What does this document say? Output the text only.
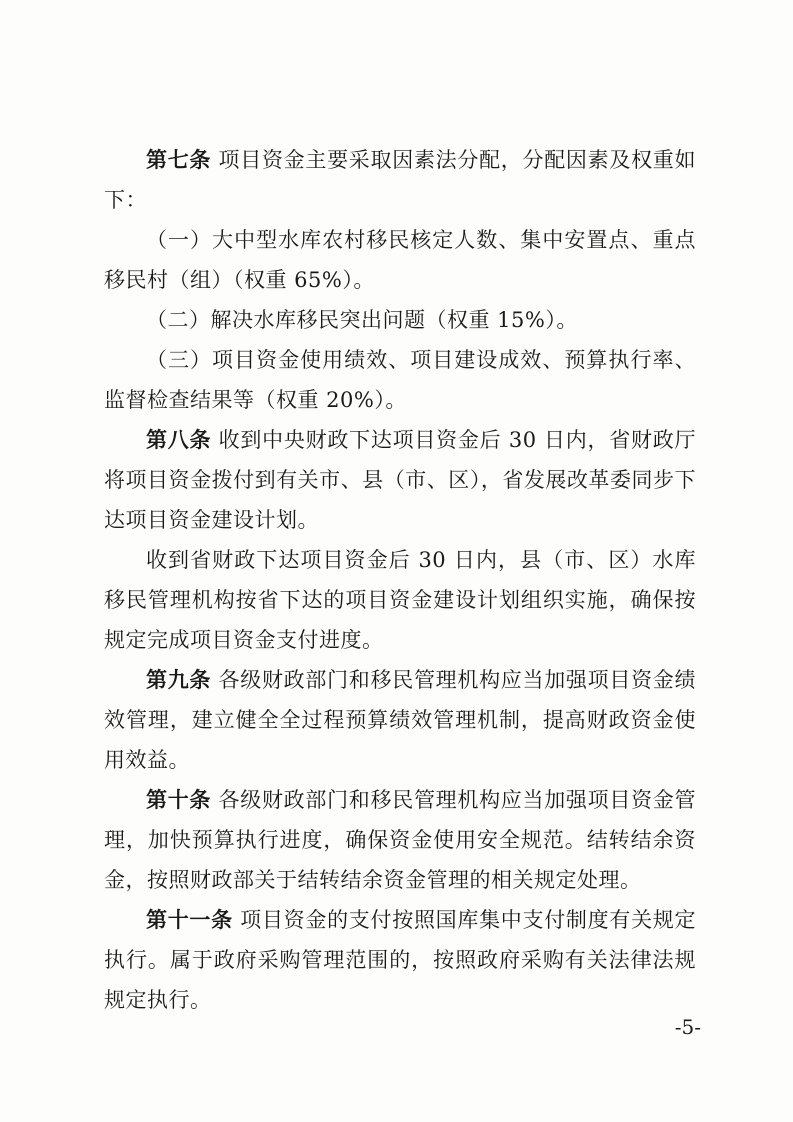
第七条 项目资金主要采取因素法分配，分配因素及权重如下：

（一）大中型水库农村移民核定人数、集中安置点、重点移民村（组）（权重 65%）。

（二）解决水库移民突出问题（权重 15%）。

（三）项目资金使用绩效、项目建设成效、预算执行率、监督检查结果等（权重 20%）。

第八条 收到中央财政下达项目资金后 30 日内，省财政厅将项目资金拨付到有关市、县（市、区），省发展改革委同步下达项目资金建设计划。

收到省财政下达项目资金后 30 日内，县（市、区）水库移民管理机构按省下达的项目资金建设计划组织实施，确保按规定完成项目资金支付进度。

第九条 各级财政部门和移民管理机构应当加强项目资金绩效管理，建立健全全过程预算绩效管理机制，提高财政资金使用效益。

第十条 各级财政部门和移民管理机构应当加强项目资金管理，加快预算执行进度，确保资金使用安全规范。结转结余资金，按照财政部关于结转结余资金管理的相关规定处理。

第十一条 项目资金的支付按照国库集中支付制度有关规定执行。属于政府采购管理范围的，按照政府采购有关法律法规规定执行。

-5-
